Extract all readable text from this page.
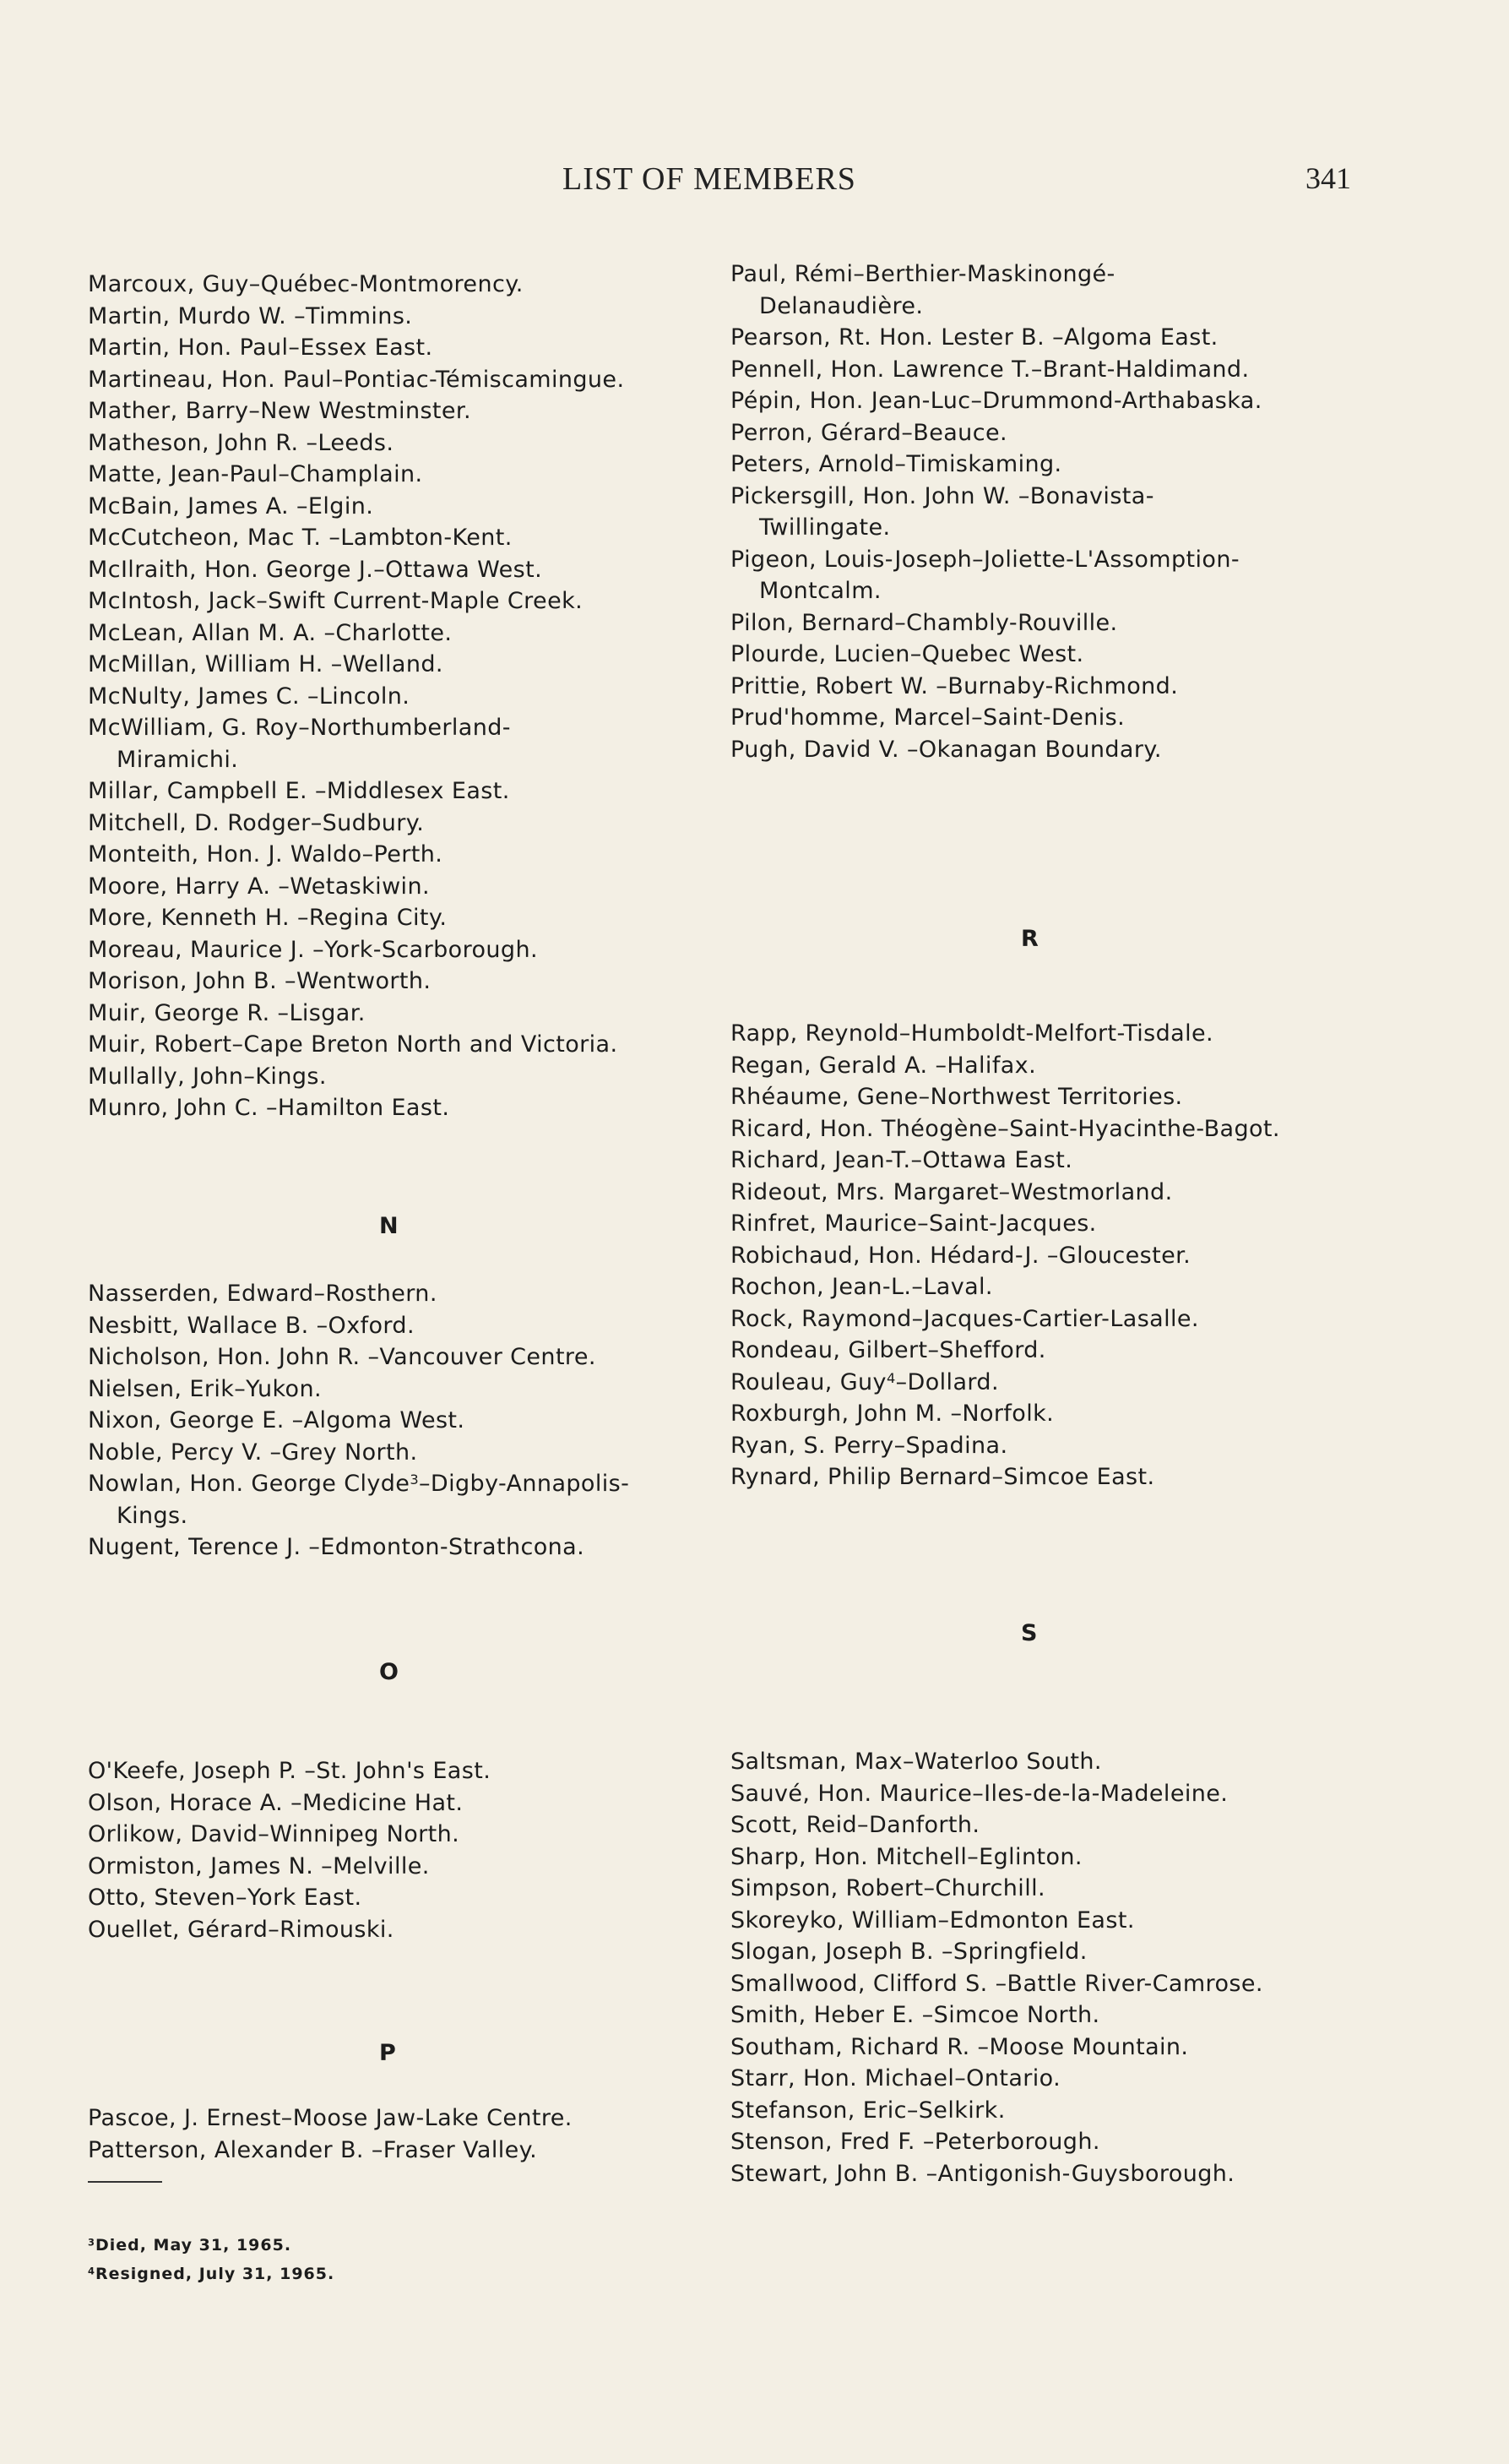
LIST OF MEMBERS	341
Marcoux, Guy–Québec-Montmorency.
Martin, Murdo W. –Timmins.
Martin, Hon. Paul–Essex East.
Martineau, Hon. Paul–Pontiac-Témiscamingue.
Mather, Barry–New Westminster.
Matheson, John R. –Leeds.
Matte, Jean-Paul–Champlain.
McBain, James A. –Elgin.
McCutcheon, Mac T. –Lambton-Kent.
McIlraith, Hon. George J.–Ottawa West.
McIntosh, Jack–Swift Current-Maple Creek.
McLean, Allan M. A. –Charlotte.
McMillan, William H. –Welland.
McNulty, James C. –Lincoln.
McWilliam, G. Roy–Northumberland-
Miramichi.
Millar, Campbell E. –Middlesex East.
Mitchell, D. Rodger–Sudbury.
Monteith, Hon. J. Waldo–Perth.
Moore, Harry A. –Wetaskiwin.
More, Kenneth H. –Regina City.
Moreau, Maurice J. –York-Scarborough.
Morison, John B. –Wentworth.
Muir, George R. –Lisgar.
Muir, Robert–Cape Breton North and Victoria.
Mullally, John–Kings.
Munro, John C. –Hamilton East.
N
Nasserden, Edward–Rosthern.
Nesbitt, Wallace B. –Oxford.
Nicholson, Hon. John R. –Vancouver Centre.
Nielsen, Erik–Yukon.
Nixon, George E. –Algoma West.
Noble, Percy V. –Grey North.
Nowlan, Hon. George Clyde$^3$–Digby-Annapolis-
Kings.
Nugent, Terence J. –Edmonton-Strathcona.
O
O'Keefe, Joseph P. –St. John's East.
Olson, Horace A. –Medicine Hat.
Orlikow, David–Winnipeg North.
Ormiston, James N. –Melville.
Otto, Steven–York East.
Ouellet, Gérard–Rimouski.
P
Pascoe, J. Ernest–Moose Jaw-Lake Centre.
Patterson, Alexander B. –Fraser Valley.
$^3$Died, May 31, 1965.
$^4$Resigned, July 31, 1965.
Paul, Rémi–Berthier-Maskinongé-
Delanaudière.
Pearson, Rt. Hon. Lester B. –Algoma East.
Pennell, Hon. Lawrence T.–Brant-Haldimand.
Pépin, Hon. Jean-Luc–Drummond-Arthabaska.
Perron, Gérard–Beauce.
Peters, Arnold–Timiskaming.
Pickersgill, Hon. John W. –Bonavista-
Twillingate.
Pigeon, Louis-Joseph–Joliette-L'Assomption-
Montcalm.
Pilon, Bernard–Chambly-Rouville.
Plourde, Lucien–Quebec West.
Prittie, Robert W. –Burnaby-Richmond.
Prud'homme, Marcel–Saint-Denis.
Pugh, David V. –Okanagan Boundary.
R
Rapp, Reynold–Humboldt-Melfort-Tisdale.
Regan, Gerald A. –Halifax.
Rhéaume, Gene–Northwest Territories.
Ricard, Hon. Théogène–Saint-Hyacinthe-Bagot.
Richard, Jean-T.–Ottawa East.
Rideout, Mrs. Margaret–Westmorland.
Rinfret, Maurice–Saint-Jacques.
Robichaud, Hon. Hédard-J. –Gloucester.
Rochon, Jean-L.–Laval.
Rock, Raymond–Jacques-Cartier-Lasalle.
Rondeau, Gilbert–Shefford.
Rouleau, Guy$^4$–Dollard.
Roxburgh, John M. –Norfolk.
Ryan, S. Perry–Spadina.
Rynard, Philip Bernard–Simcoe East.
S
Saltsman, Max–Waterloo South.
Sauvé, Hon. Maurice–Iles-de-la-Madeleine.
Scott, Reid–Danforth.
Sharp, Hon. Mitchell–Eglinton.
Simpson, Robert–Churchill.
Skoreyko, William–Edmonton East.
Slogan, Joseph B. –Springfield.
Smallwood, Clifford S. –Battle River-Camrose.
Smith, Heber E. –Simcoe North.
Southam, Richard R. –Moose Mountain.
Starr, Hon. Michael–Ontario.
Stefanson, Eric–Selkirk.
Stenson, Fred F. –Peterborough.
Stewart, John B. –Antigonish-Guysborough.
